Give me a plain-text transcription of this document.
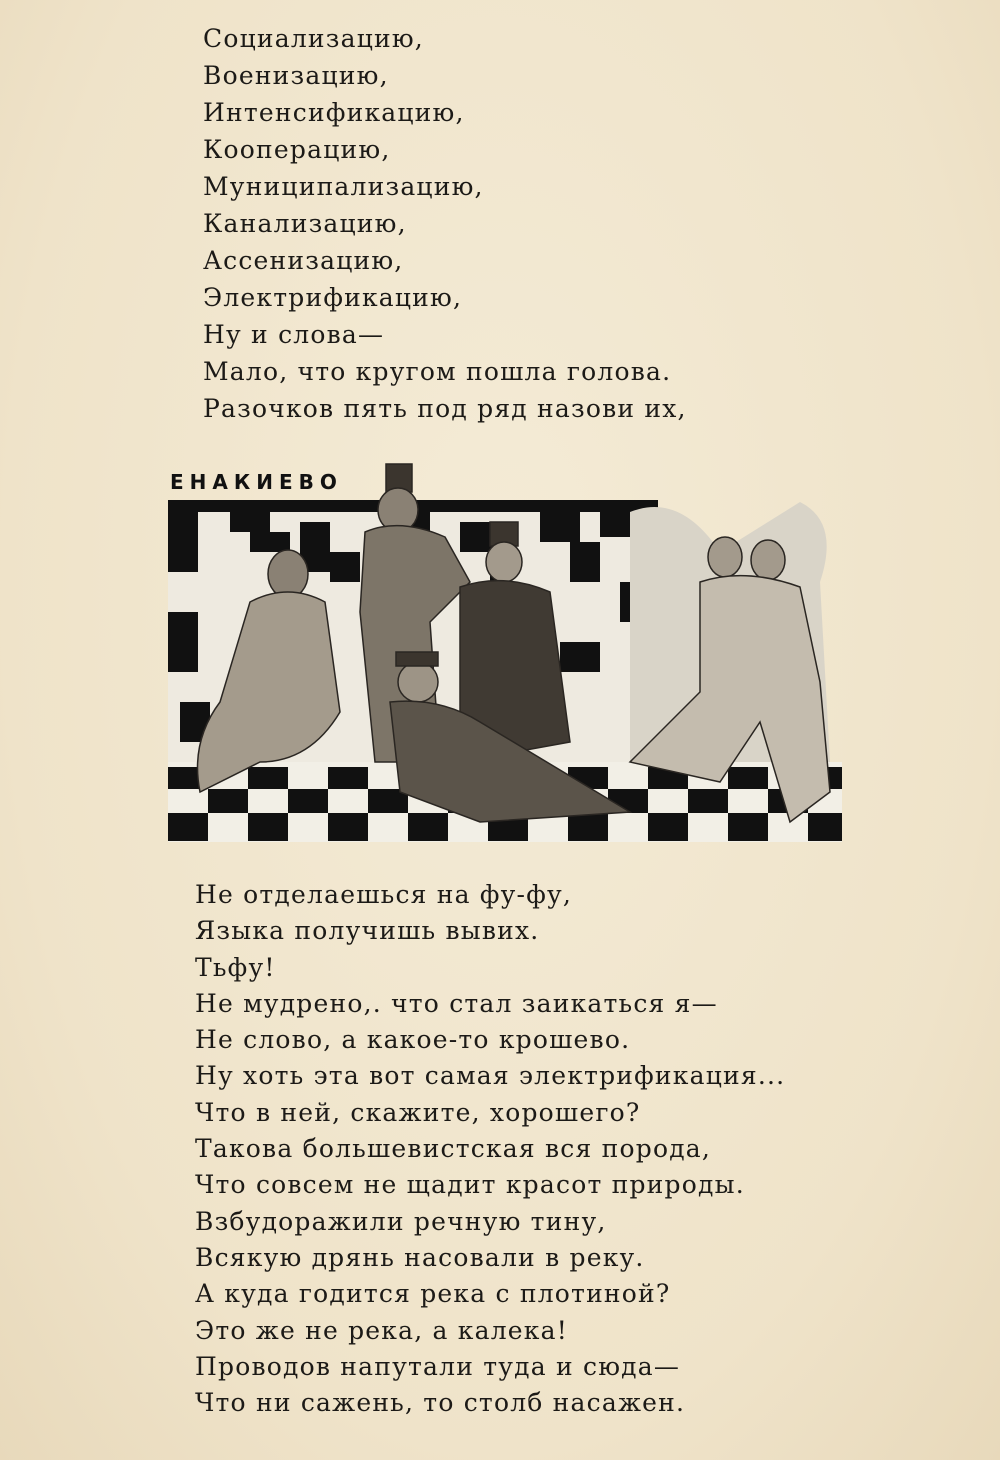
Социализацию,
Военизацию,
Интенсификацию,
Кооперацию,
Муниципализацию,
Канализацию,
Ассенизацию,
Электрификацию,
Ну и слова—
Мало, что кругом пошла голова.
Разочков пять под ряд назови их,
ЕНАКИЕВО
Не отделаешься на фу-фу,
Языка получишь вывих.
Тьфу!
Не мудрено,. что стал заикаться я—
Не слово, а какое-то крошево.
Ну хоть эта вот самая электрификация...
Что в ней, скажите, хорошего?
Такова большевистская вся порода,
Что совсем не щадит красот природы.
Взбудоражили речную тину,
Всякую дрянь насовали в реку.
А куда годится река с плотиной?
Это же не река, а калека!
Проводов напутали туда и сюда—
Что ни сажень, то столб насажен.
